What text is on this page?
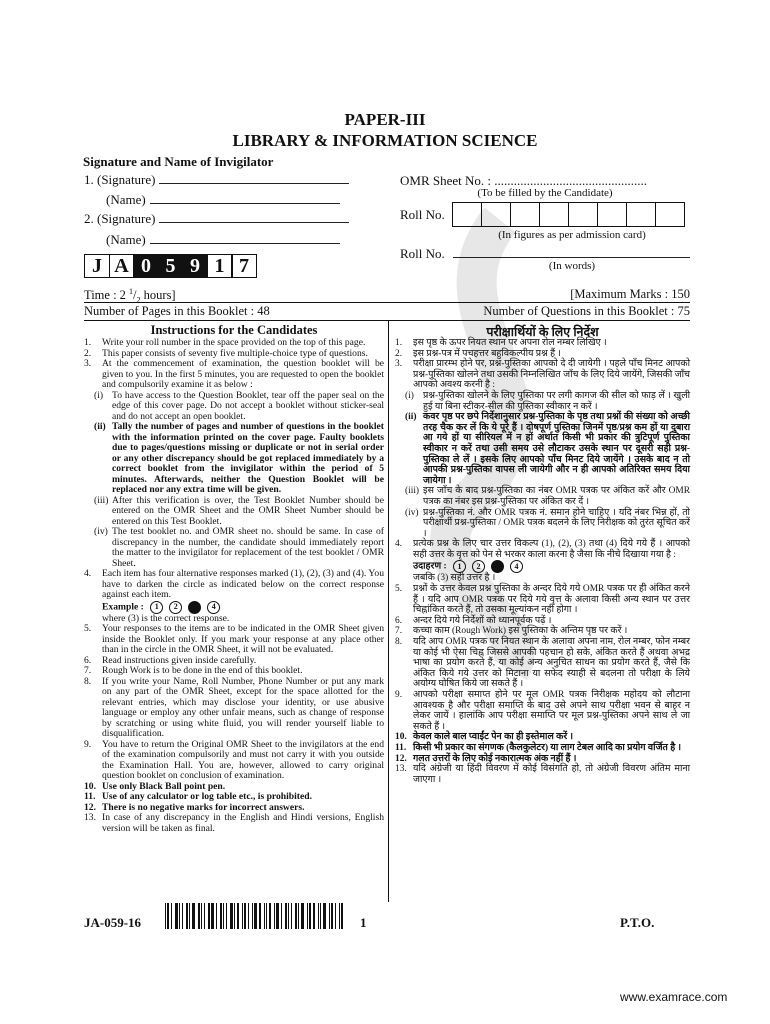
PAPER-III
LIBRARY & INFORMATION SCIENCE
Signature and Name of Invigilator
1. (Signature)
(Name)
2. (Signature)
(Name)
J A 0 5 9 1 7
OMR Sheet No. : ...............................................
(To be filled by the Candidate)
Roll No.
(In figures as per admission card)
Roll No.
(In words)
Time : 2 $^1/_2$ hours]	[Maximum Marks : 150
Number of Pages in this Booklet : 48	Number of Questions in this Booklet : 75
Instructions for the Candidates
1.	Write your roll number in the space provided on the top of this page.
2.	This paper consists of seventy five multiple-choice type of questions.
3.	At the commencement of examination, the question booklet will be given to you. In the first 5 minutes, you are requested to open the booklet and compulsorily examine it as below :
(i) To have access to the Question Booklet, tear off the paper seal on the edge of this cover page. Do not accept a booklet without sticker-seal and do not accept an open booklet.
(ii) Tally the number of pages and number of questions in the booklet with the information printed on the cover page. Faulty booklets due to pages/questions missing or duplicate or not in serial order or any other discrepancy should be got replaced immediately by a correct booklet from the invigilator within the period of 5 minutes. Afterwards, neither the Question Booklet will be replaced nor any extra time will be given.
(iii) After this verification is over, the Test Booklet Number should be entered on the OMR Sheet and the OMR Sheet Number should be entered on this Test Booklet.
(iv) The test booklet no. and OMR sheet no. should be same. In case of discrepancy in the number, the candidate should immediately report the matter to the invigilator for replacement of the test booklet / OMR Sheet.
4.	Each item has four alternative responses marked (1), (2), (3) and (4). You have to darken the circle as indicated below on the correct response against each item.
Example :	1	2	3	4
where (3) is the correct response.
5.	Your responses to the items are to be indicated in the OMR Sheet given inside the Booklet only. If you mark your response at any place other than in the circle in the OMR Sheet, it will not be evaluated.
6.	Read instructions given inside carefully.
7.	Rough Work is to be done in the end of this booklet.
8.	If you write your Name, Roll Number, Phone Number or put any mark on any part of the OMR Sheet, except for the space allotted for the relevant entries, which may disclose your identity, or use abusive language or employ any other unfair means, such as change of response by scratching or using white fluid, you will render yourself liable to disqualification.
9.	You have to return the Original OMR Sheet to the invigilators at the end of the examination compulsorily and must not carry it with you outside the Examination Hall. You are, however, allowed to carry original question booklet on conclusion of examination.
10. Use only Black Ball point pen.
11. Use of any calculator or log table etc., is prohibited.
12. There is no negative marks for incorrect answers.
13. In case of any discrepancy in the English and Hindi versions, English version will be taken as final.
परीक्षार्थियों के लिए निर्देश
1.	इस पृष्ठ के ऊपर नियत स्थान पर अपना रोल नम्बर लिखिए ।
2.	इस प्रश्न-पत्र में पचहत्तर बहुविकल्पीय प्रश्न हैं ।
3.	परीक्षा प्रारम्भ होने पर, प्रश्न-पुस्तिका आपको दे दी जायेगी । पहले पाँच मिनट आपको प्रश्न-पुस्तिका खोलने तथा उसकी निम्नलिखित जाँच के लिए दिये जायेंगे, जिसकी जाँच आपको अवश्य करनी है :
(i) प्रश्न-पुस्तिका खोलने के लिए पुस्तिका पर लगी कागज की सील को फाड़ लें । खुली हुई या बिना स्टीकर-सील की पुस्तिका स्वीकार न करें ।
(ii) कवर पृष्ठ पर छपे निर्देशानुसार प्रश्न-पुस्तिका के पृष्ठ तथा प्रश्नों की संख्या को अच्छी तरह चैक कर लें कि ये पूरे हैं । दोषपूर्ण पुस्तिका जिनमें पृष्ठ/प्रश्न कम हों या दुबारा आ गये हों या सीरियल में न हों अर्थात किसी भी प्रकार की त्रुटिपूर्ण पुस्तिका स्वीकार न करें तथा उसी समय उसे लौटाकर उसके स्थान पर दूसरी सही प्रश्न-पुस्तिका ले लें । इसके लिए आपको पाँच मिनट दिये जायेंगे । उसके बाद न तो आपकी प्रश्न-पुस्तिका वापस ली जायेगी और न ही आपको अतिरिक्त समय दिया जायेगा ।
(iii) इस जाँच के बाद प्रश्न-पुस्तिका का नंबर OMR पत्रक पर अंकित करें और OMR पत्रक का नंबर इस प्रश्न-पुस्तिका पर अंकित कर दें ।
(iv) प्रश्न-पुस्तिका नं. और OMR पत्रक नं. समान होने चाहिए । यदि नंबर भिन्न हों, तो परीक्षार्थी प्रश्न-पुस्तिका / OMR पत्रक बदलने के लिए निरीक्षक को तुरंत सूचित करें ।
4.	प्रत्येक प्रश्न के लिए चार उत्तर विकल्प (1), (2), (3) तथा (4) दिये गये हैं । आपको सही उत्तर के वृत्त को पेन से भरकर काला करना है जैसा कि नीचे दिखाया गया है :
उदाहरण :	1	2	3	4
जबकि (3) सही उत्तर है ।
5.	प्रश्नों के उत्तर केवल प्रश्न पुस्तिका के अन्दर दिये गये OMR पत्रक पर ही अंकित करने हैं । यदि आप OMR पत्रक पर दिये गये वृत्त के अलावा किसी अन्य स्थान पर उत्तर चिह्नांकित करते हैं, तो उसका मूल्यांकन नहीं होगा ।
6.	अन्दर दिये गये निर्देशों को ध्यानपूर्वक पढ़ें ।
7.	कच्चा काम (Rough Work) इस पुस्तिका के अन्तिम पृष्ठ पर करें ।
8.	यदि आप OMR पत्रक पर नियत स्थान के अलावा अपना नाम, रोल नम्बर, फोन नम्बर या कोई भी ऐसा चिह्न जिससे आपकी पहचान हो सके, अंकित करते हैं अथवा अभद्र भाषा का प्रयोग करते हैं, या कोई अन्य अनुचित साधन का प्रयोग करते हैं, जैसे कि अंकित किये गये उत्तर को मिटाना या सफेद स्याही से बदलना तो परीक्षा के लिये अयोग्य घोषित किये जा सकते हैं ।
9.	आपको परीक्षा समाप्त होने पर मूल OMR पत्रक निरीक्षक महोदय को लौटाना आवश्यक है और परीक्षा समाप्ति के बाद उसे अपने साथ परीक्षा भवन से बाहर न लेकर जायें । हालांकि आप परीक्षा समाप्ति पर मूल प्रश्न-पुस्तिका अपने साथ ले जा सकते हैं ।
10. केवल काले बाल प्वाईंट पेन का ही इस्तेमाल करें ।
11. किसी भी प्रकार का संगणक (कैलकुलेटर) या लाग टेबल आदि का प्रयोग वर्जित है ।
12. गलत उत्तरों के लिए कोई नकारात्मक अंक नहीं हैं ।
13. यदि अंग्रेजी या हिंदी विवरण में कोई विसंगति हो, तो अंग्रेजी विवरण अंतिम माना जाएगा ।
JA-059-16	1	P.T.O.
www.examrace.com
